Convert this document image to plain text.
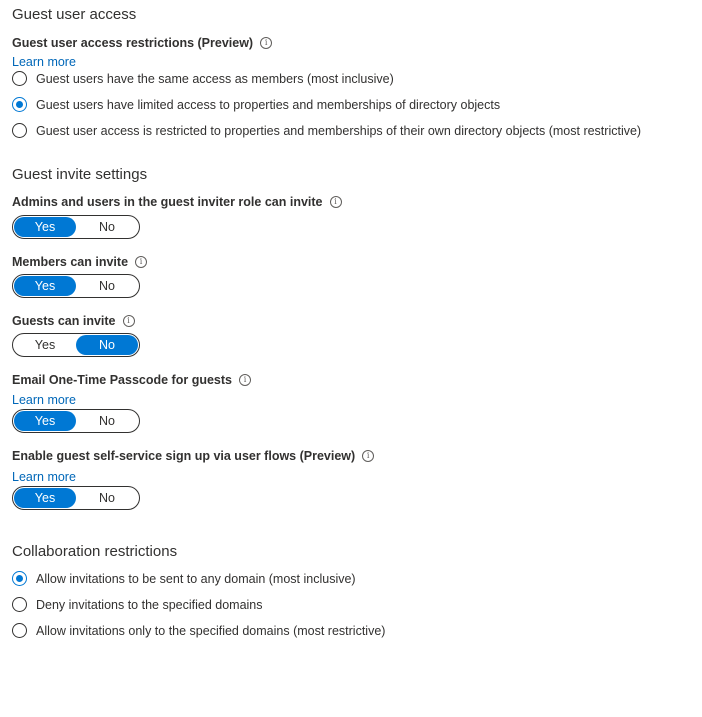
Guest user access
Guest user access restrictions (Preview)	i
Learn more
Guest users have the same access as members (most inclusive)
Guest users have limited access to properties and memberships of directory objects
Guest user access is restricted to properties and memberships of their own directory objects (most restrictive)
Guest invite settings
Admins and users in the guest inviter role can invite	i
Yes	No
Members can invite	i
Yes	No
Guests can invite	i
Yes	No
Email One-Time Passcode for guests	i
Learn more
Yes	No
Enable guest self-service sign up via user flows (Preview)	i
Learn more
Yes	No
Collaboration restrictions
Allow invitations to be sent to any domain (most inclusive)
Deny invitations to the specified domains
Allow invitations only to the specified domains (most restrictive)
